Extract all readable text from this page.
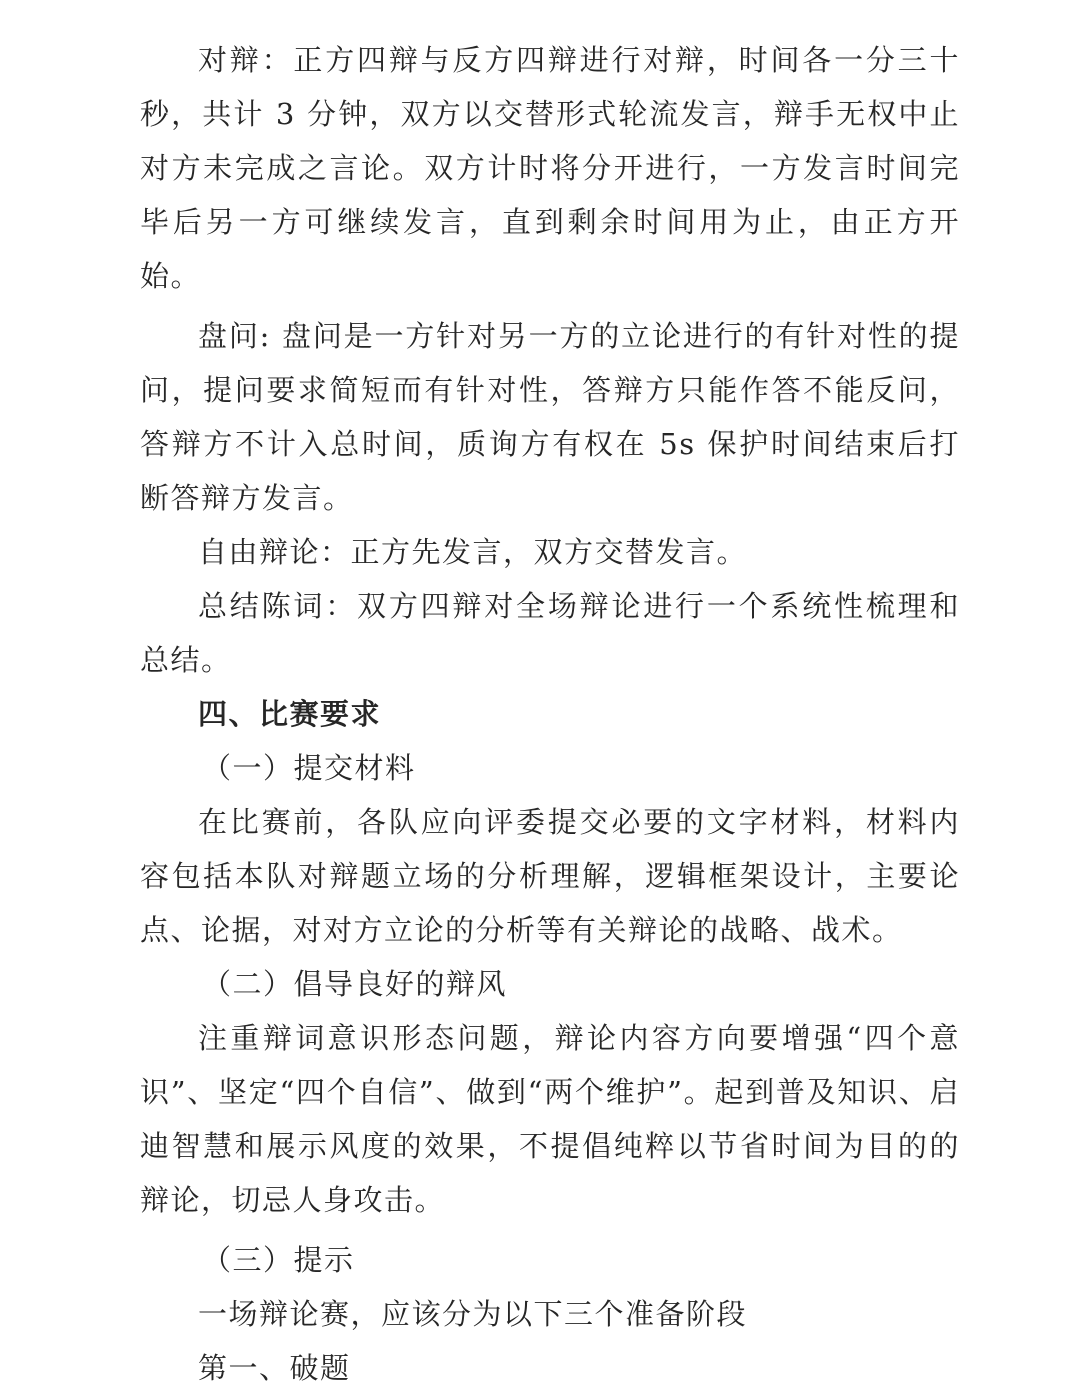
对辩：正方四辩与反方四辩进行对辩，时间各一分三十秒，共计 3 分钟，双方以交替形式轮流发言，辩手无权中止对方未完成之言论。双方计时将分开进行，一方发言时间完毕后另一方可继续发言，直到剩余时间用为止，由正方开始。

盘问: 盘问是一方针对另一方的立论进行的有针对性的提问，提问要求简短而有针对性，答辩方只能作答不能反问，答辩方不计入总时间，质询方有权在 5s 保护时间结束后打断答辩方发言。

自由辩论：正方先发言，双方交替发言。

总结陈词：双方四辩对全场辩论进行一个系统性梳理和总结。

四、比赛要求

（一）提交材料

在比赛前，各队应向评委提交必要的文字材料，材料内容包括本队对辩题立场的分析理解，逻辑框架设计，主要论点、论据，对对方立论的分析等有关辩论的战略、战术。

（二）倡导良好的辩风

注重辩词意识形态问题，辩论内容方向要增强“四个意识”、坚定“四个自信”、做到“两个维护”。起到普及知识、启迪智慧和展示风度的效果，不提倡纯粹以节省时间为目的的辩论，切忌人身攻击。

（三）提示

一场辩论赛，应该分为以下三个准备阶段

第一、破题
